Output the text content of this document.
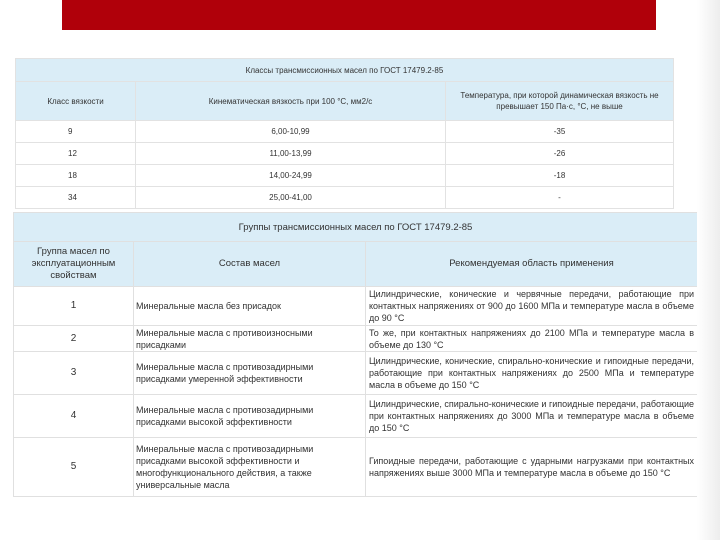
Классы трансмиссионных масел по ГОСТ 17479.2-85		
Класс вязкости	Кинематическая вязкость при 100 °С, мм2/с	Температура, при которой динамическая вязкость не превышает 150 Па·с, °С, не выше
9	6,00-10,99	-35
12	11,00-13,99	-26
18	14,00-24,99	-18
34	25,00-41,00	-
Группы трансмиссионных масел по ГОСТ 17479.2-85		
Группа масел по эксплуатационным свойствам	Состав масел	Рекомендуемая область применения
1	Минеральные масла без присадок	Цилиндрические, конические и червячные передачи, работающие при контактных напряжениях от 900 до 1600 МПа и температуре масла в объеме до 90 °С
2	Минеральные масла с противоизносными присадками	То же, при контактных напряжениях до 2100 МПа и температуре масла в объеме до 130 °С
3	Минеральные масла с противозадирными присадками умеренной эффективности	Цилиндрические, конические, спирально-конические и гипоидные передачи, работающие при контактных напряжениях до 2500 МПа и температуре масла в объеме до 150 °С
4	Минеральные масла с противозадирными присадками высокой эффективности	Цилиндрические, спирально-конические и гипоидные передачи, работающие при контактных напряжениях до 3000 МПа и температуре масла в объеме до 150 °С
5	Минеральные масла с противозадирными присадками высокой эффективности и многофункционального действия, а также универсальные масла	Гипоидные передачи, работающие с ударными нагрузками при контактных напряжениях выше 3000 МПа и температуре масла в объеме до 150 °С
